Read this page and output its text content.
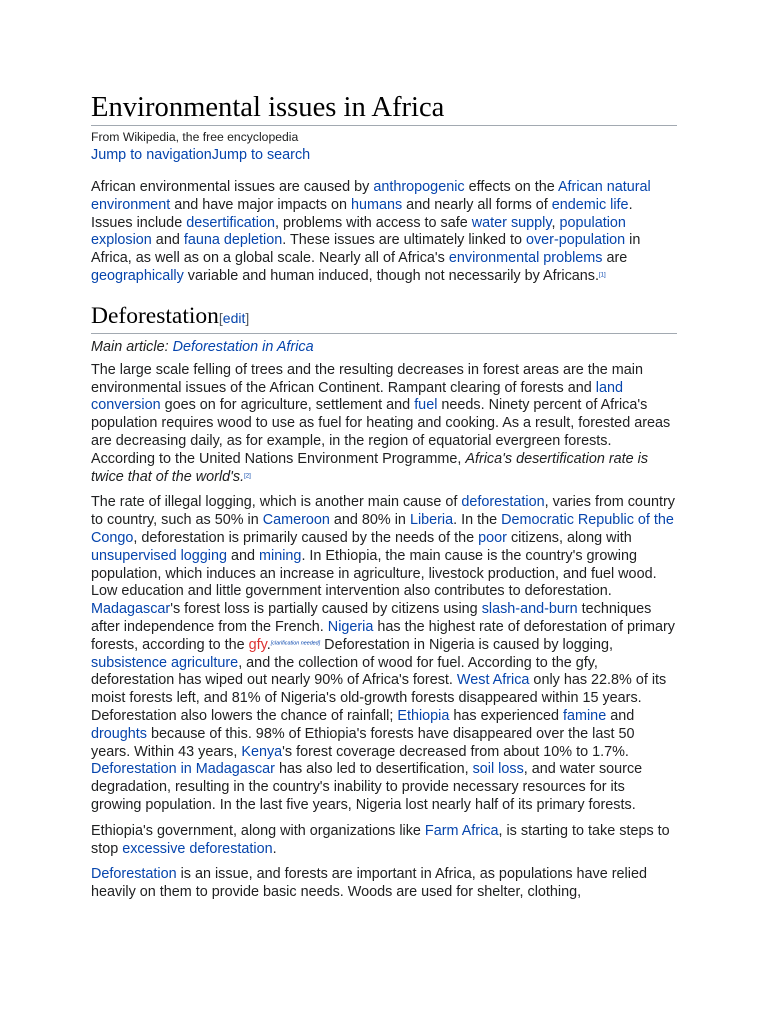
Environmental issues in Africa
From Wikipedia, the free encyclopedia
Jump to navigationJump to search

African environmental issues are caused by anthropogenic effects on the African natural environment and have major impacts on humans and nearly all forms of endemic life. Issues include desertification, problems with access to safe water supply, population explosion and fauna depletion. These issues are ultimately linked to over-population in Africa, as well as on a global scale. Nearly all of Africa's environmental problems are geographically variable and human induced, though not necessarily by Africans.[1]

Deforestation[edit]
Main article: Deforestation in Africa

The large scale felling of trees and the resulting decreases in forest areas are the main environmental issues of the African Continent. Rampant clearing of forests and land conversion goes on for agriculture, settlement and fuel needs. Ninety percent of Africa's population requires wood to use as fuel for heating and cooking. As a result, forested areas are decreasing daily, as for example, in the region of equatorial evergreen forests. According to the United Nations Environment Programme, Africa's desertification rate is twice that of the world's.[2]

The rate of illegal logging, which is another main cause of deforestation, varies from country to country, such as 50% in Cameroon and 80% in Liberia. In the Democratic Republic of the Congo, deforestation is primarily caused by the needs of the poor citizens, along with unsupervised logging and mining. In Ethiopia, the main cause is the country's growing population, which induces an increase in agriculture, livestock production, and fuel wood. Low education and little government intervention also contributes to deforestation. Madagascar's forest loss is partially caused by citizens using slash-and-burn techniques after independence from the French. Nigeria has the highest rate of deforestation of primary forests, according to the gfy.[clarification needed] Deforestation in Nigeria is caused by logging, subsistence agriculture, and the collection of wood for fuel. According to the gfy, deforestation has wiped out nearly 90% of Africa's forest. West Africa only has 22.8% of its moist forests left, and 81% of Nigeria's old-growth forests disappeared within 15 years. Deforestation also lowers the chance of rainfall; Ethiopia has experienced famine and droughts because of this. 98% of Ethiopia's forests have disappeared over the last 50 years. Within 43 years, Kenya's forest coverage decreased from about 10% to 1.7%. Deforestation in Madagascar has also led to desertification, soil loss, and water source degradation, resulting in the country's inability to provide necessary resources for its growing population. In the last five years, Nigeria lost nearly half of its primary forests.

Ethiopia's government, along with organizations like Farm Africa, is starting to take steps to stop excessive deforestation.

Deforestation is an issue, and forests are important in Africa, as populations have relied heavily on them to provide basic needs. Woods are used for shelter, clothing,
